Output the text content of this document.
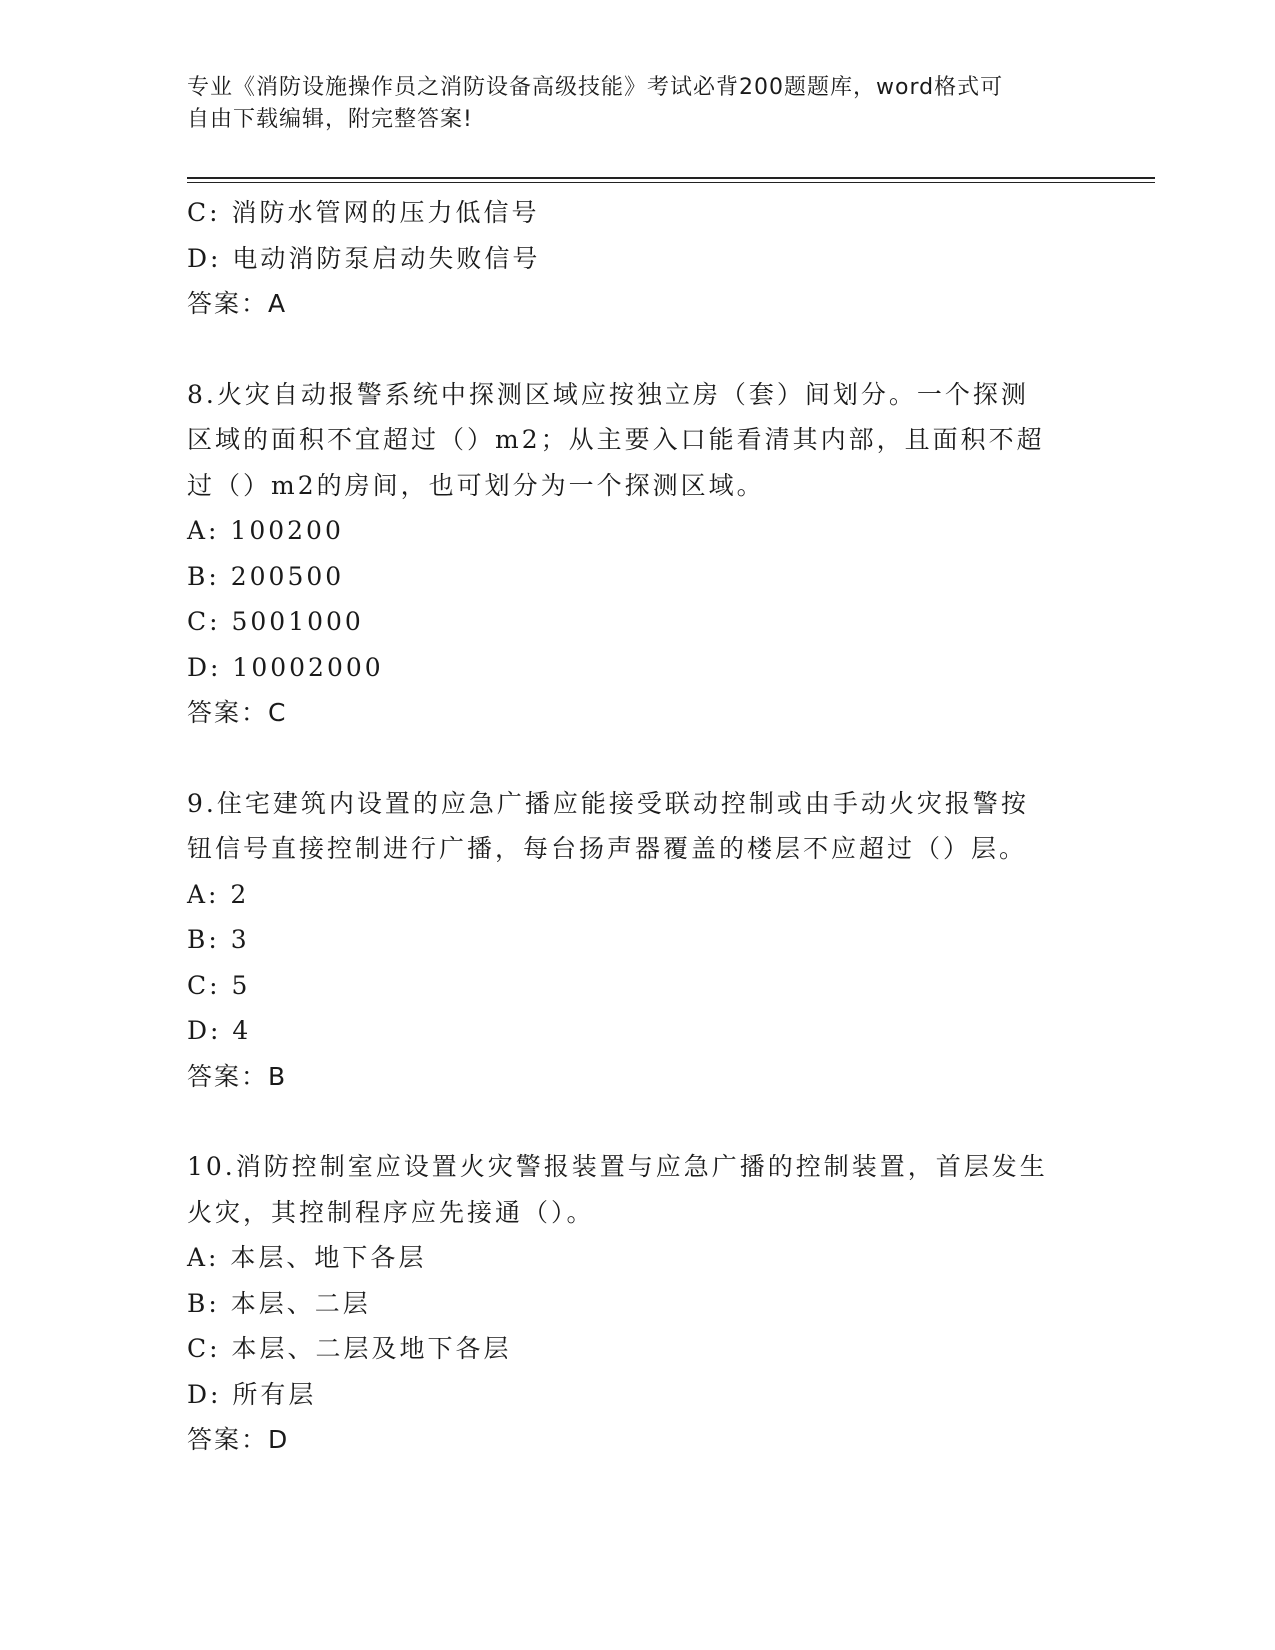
专业《消防设施操作员之消防设备高级技能》考试必背200题题库，word格式可
自由下载编辑，附完整答案!
C: 消防水管网的压力低信号
D: 电动消防泵启动失败信号
答案：A
8.火灾自动报警系统中探测区域应按独立房（套）间划分。一个探测
区域的面积不宜超过（）m2；从主要入口能看清其内部，且面积不超
过（）m2的房间，也可划分为一个探测区域。
A: 100200
B: 200500
C: 5001000
D: 10002000
答案：C
9.住宅建筑内设置的应急广播应能接受联动控制或由手动火灾报警按
钮信号直接控制进行广播，每台扬声器覆盖的楼层不应超过（）层。
A: 2
B: 3
C: 5
D: 4
答案：B
10.消防控制室应设置火灾警报装置与应急广播的控制装置，首层发生
火灾，其控制程序应先接通（）。
A: 本层、地下各层
B: 本层、二层
C: 本层、二层及地下各层
D: 所有层
答案：D
